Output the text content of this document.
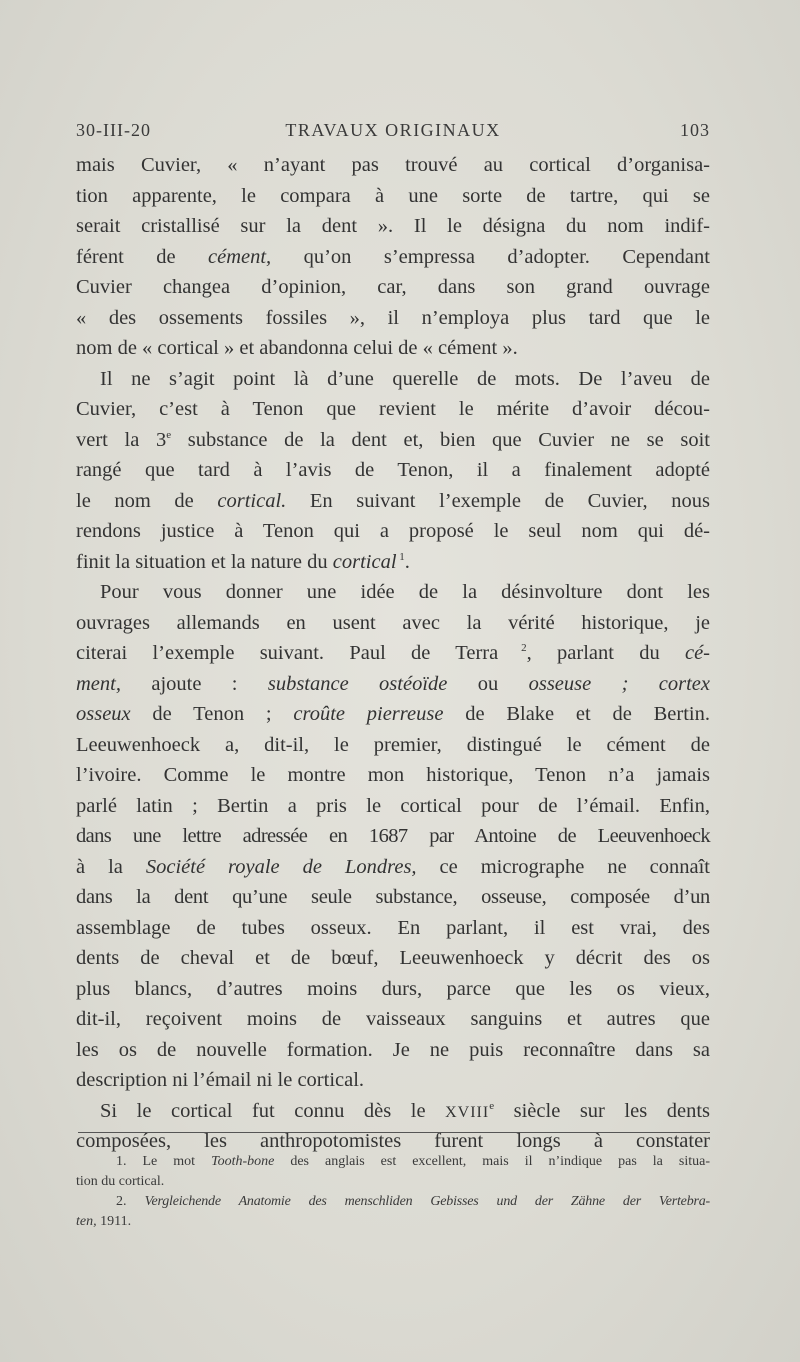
TRAVAUX ORIGINAUX
30-III-20	103
mais Cuvier, « n’ayant pas trouvé au cortical d’organisa-
tion apparente, le compara à une sorte de tartre, qui se
serait cristallisé sur la dent ». Il le désigna du nom indif-
férent de cément, qu’on s’empressa d’adopter. Cependant
Cuvier changea d’opinion, car, dans son grand ouvrage
« des ossements fossiles », il n’employa plus tard que le
nom de « cortical » et abandonna celui de « cément ».
Il ne s’agit point là d’une querelle de mots. De l’aveu de
Cuvier, c’est à Tenon que revient le mérite d’avoir décou-
vert la 3e substance de la dent et, bien que Cuvier ne se soit
rangé que tard à l’avis de Tenon, il a finalement adopté
le nom de cortical. En suivant l’exemple de Cuvier, nous
rendons justice à Tenon qui a proposé le seul nom qui dé-
finit la situation et la nature du cortical $^1$.
Pour vous donner une idée de la désinvolture dont les
ouvrages allemands en usent avec la vérité historique, je
citerai l’exemple suivant. Paul de Terra $^2$, parlant du cé-
ment, ajoute : substance ostéoïde ou osseuse ; cortex
osseux de Tenon ; croûte pierreuse de Blake et de Bertin.
Leeuwenhoeck a, dit-il, le premier, distingué le cément de
l’ivoire. Comme le montre mon historique, Tenon n’a jamais
parlé latin ; Bertin a pris le cortical pour de l’émail. Enfin,
dans une lettre adressée en 1687 par Antoine de Leeuvenhoeck
à la Société royale de Londres, ce micrographe ne connaît
dans la dent qu’une seule substance, osseuse, composée d’un
assemblage de tubes osseux. En parlant, il est vrai, des
dents de cheval et de bœuf, Leeuwenhoeck y décrit des os
plus blancs, d’autres moins durs, parce que les os vieux,
dit-il, reçoivent moins de vaisseaux sanguins et autres que
les os de nouvelle formation. Je ne puis reconnaître dans sa
description ni l’émail ni le cortical.
Si le cortical fut connu dès le XVIIIe siècle sur les dents
composées, les anthropotomistes furent longs à constater
1. Le mot Tooth-bone des anglais est excellent, mais il n’indique pas la situa-
tion du cortical.
2. Vergleichende Anatomie des menschliden Gebisses und der Zähne der Vertebra-
ten, 1911.
